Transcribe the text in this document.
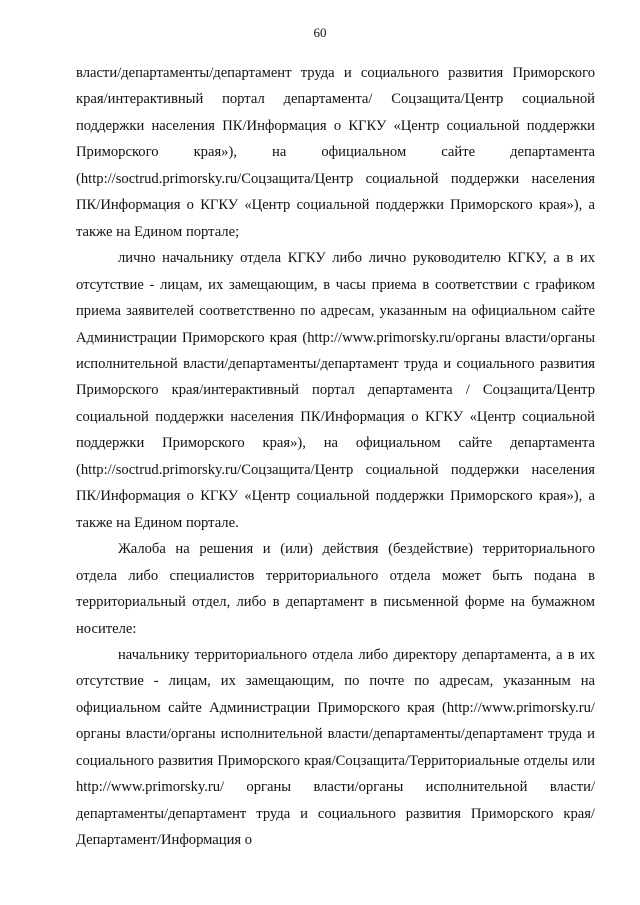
60

власти/департаменты/департамент труда и социального развития Приморского края/интерактивный портал департамента/ Соцзащита/Центр социальной поддержки населения ПК/Информация о КГКУ «Центр социальной поддержки Приморского края»), на официальном сайте департамента (http://soctrud.primorsky.ru/Соцзащита/Центр социальной поддержки населения ПК/Информация о КГКУ «Центр социальной поддержки Приморского края»), а также на Едином портале;

лично начальнику отдела КГКУ либо лично руководителю КГКУ, а в их отсутствие - лицам, их замещающим, в часы приема в соответствии с графиком приема заявителей соответственно по адресам, указанным на официальном сайте Администрации Приморского края (http://www.primorsky.ru/органы власти/органы исполнительной власти/департаменты/департамент труда и социального развития Приморского края/интерактивный портал департамента / Соцзащита/Центр социальной поддержки населения ПК/Информация о КГКУ «Центр социальной поддержки Приморского края»), на официальном сайте департамента (http://soctrud.primorsky.ru/Соцзащита/Центр социальной поддержки населения ПК/Информация о КГКУ «Центр социальной поддержки Приморского края»), а также на Едином портале.

Жалоба на решения и (или) действия (бездействие) территориального отдела либо специалистов территориального отдела может быть подана в территориальный отдел, либо в департамент в письменной форме на бумажном носителе:

начальнику территориального отдела либо директору департамента, а в их отсутствие - лицам, их замещающим, по почте по адресам, указанным на официальном сайте Администрации Приморского края (http://www.primorsky.ru/органы власти/органы исполнительной власти/департаменты/департамент труда и социального развития Приморского края/Соцзащита/Территориальные отделы или http://www.primorsky.ru/ органы власти/органы исполнительной власти/департаменты/департамент труда и социального развития Приморского края/Департамент/Информация о
